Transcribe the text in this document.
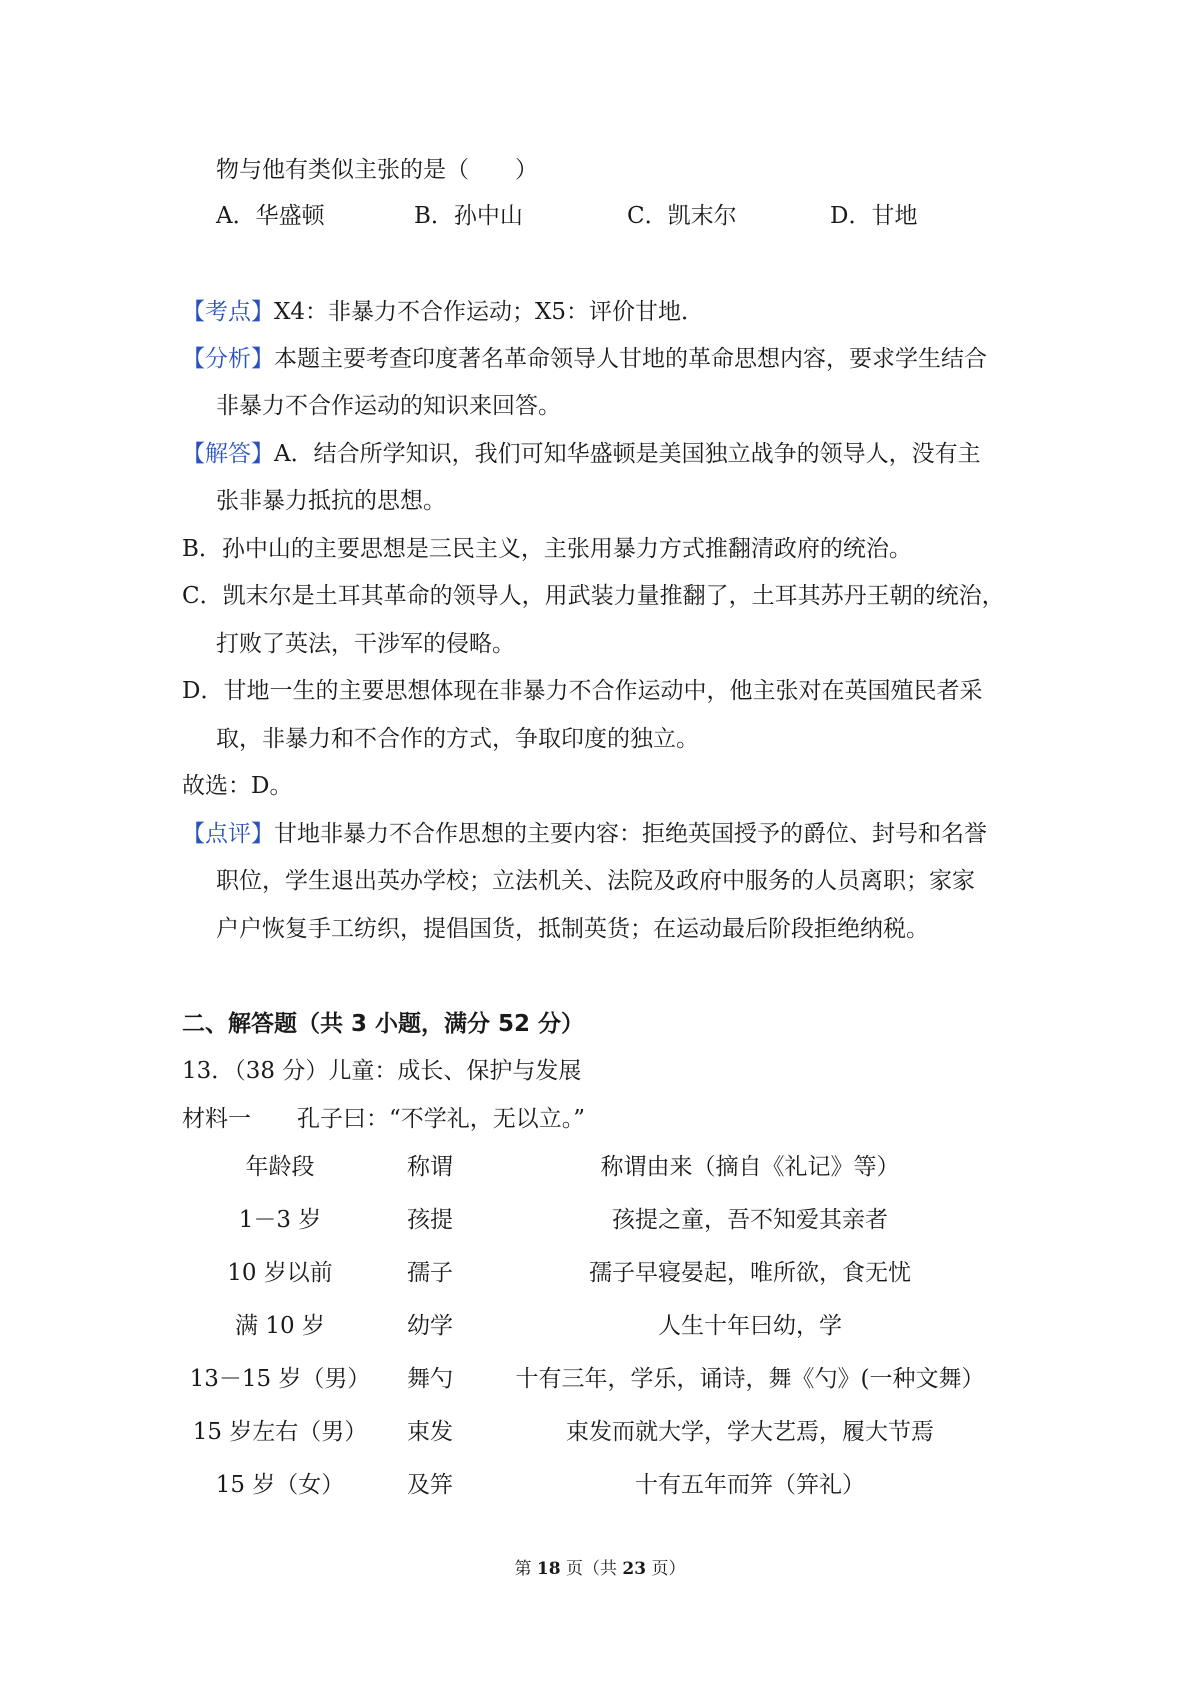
物与他有类似主张的是（　　）
A．华盛顿	B．孙中山	C．凯末尔	D．甘地
【考点】X4：非暴力不合作运动；X5：评价甘地．
【分析】本题主要考查印度著名革命领导人甘地的革命思想内容，要求学生结合
非暴力不合作运动的知识来回答。
【解答】A．结合所学知识，我们可知华盛顿是美国独立战争的领导人，没有主
张非暴力抵抗的思想。
B．孙中山的主要思想是三民主义，主张用暴力方式推翻清政府的统治。
C．凯末尔是土耳其革命的领导人，用武装力量推翻了，土耳其苏丹王朝的统治，
打败了英法，干涉军的侵略。
D．甘地一生的主要思想体现在非暴力不合作运动中，他主张对在英国殖民者采
取，非暴力和不合作的方式，争取印度的独立。
故选：D。
【点评】甘地非暴力不合作思想的主要内容：拒绝英国授予的爵位、封号和名誉
职位，学生退出英办学校；立法机关、法院及政府中服务的人员离职；家家
户户恢复手工纺织，提倡国货，抵制英货；在运动最后阶段拒绝纳税。
二、解答题（共 3 小题，满分 52 分）
13．（38 分）儿童：成长、保护与发展
材料一　　孔子曰：“不学礼，无以立。”
年龄段	称谓	称谓由来（摘自《礼记》等）
1－3 岁	孩提	孩提之童，吾不知爱其亲者
10 岁以前	孺子	孺子早寝晏起，唯所欲，食无忧
满 10 岁	幼学	人生十年曰幼，学
13－15 岁（男）	舞勺	十有三年，学乐，诵诗，舞《勺》(一种文舞）
15 岁左右（男）	束发	束发而就大学，学大艺焉，履大节焉
15 岁（女）	及笄	十有五年而笄（笄礼）
第 18 页（共 23 页）
